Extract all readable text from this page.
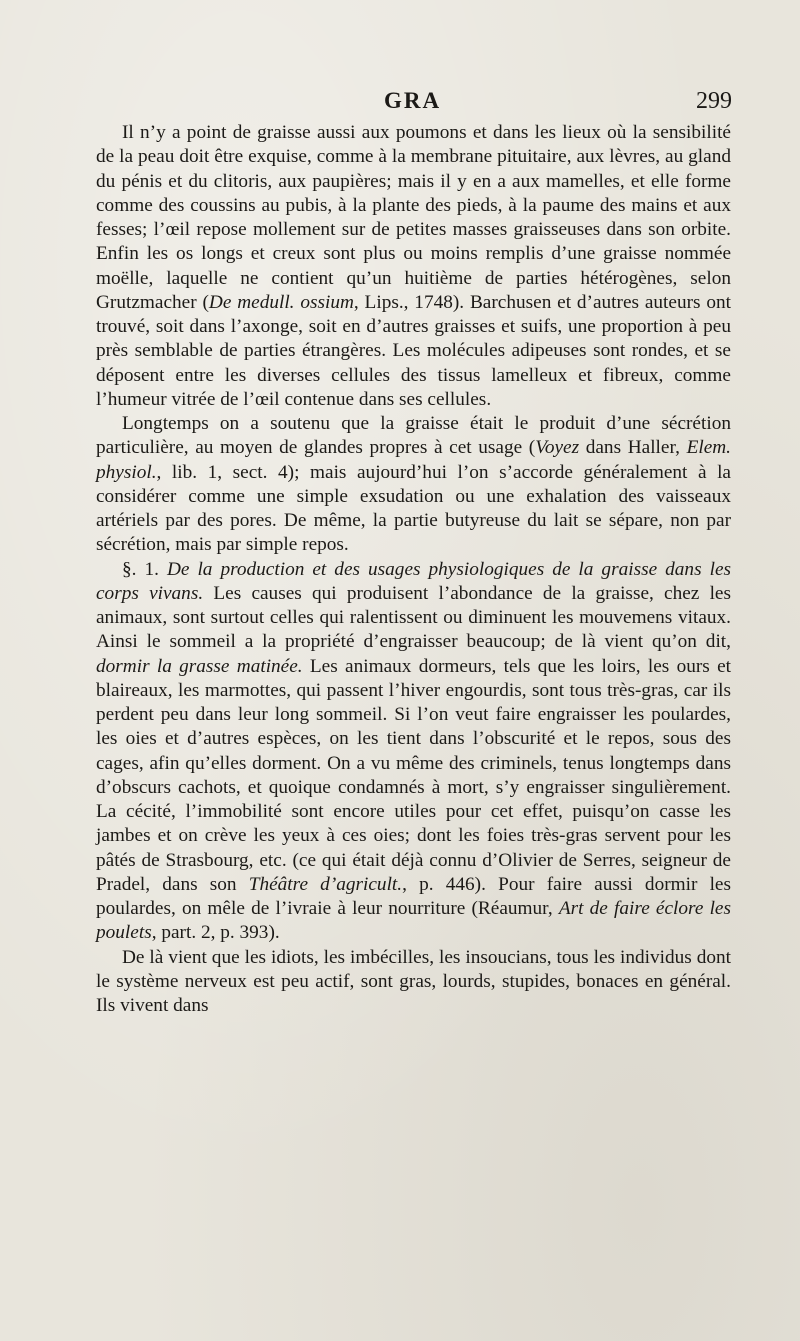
GRA	299

Il n’y a point de graisse aussi aux poumons et dans les lieux où la sensibilité de la peau doit être exquise, comme à la membrane pituitaire, aux lèvres, au gland du pénis et du clitoris, aux paupières; mais il y en a aux mamelles, et elle forme comme des coussins au pubis, à la plante des pieds, à la paume des mains et aux fesses; l’œil repose mollement sur de petites masses graisseuses dans son orbite. Enfin les os longs et creux sont plus ou moins remplis d’une graisse nommée moëlle, laquelle ne contient qu’un huitième de parties hétérogènes, selon Grutzmacher (De medull. ossium, Lips., 1748). Barchusen et d’autres auteurs ont trouvé, soit dans l’axonge, soit en d’autres graisses et suifs, une proportion à peu près semblable de parties étrangères. Les molécules adipeuses sont rondes, et se déposent entre les diverses cellules des tissus lamelleux et fibreux, comme l’humeur vitrée de l’œil contenue dans ses cellules.

Longtemps on a soutenu que la graisse était le produit d’une sécrétion particulière, au moyen de glandes propres à cet usage (Voyez dans Haller, Elem. physiol., lib. 1, sect. 4); mais aujourd’hui l’on s’accorde généralement à la considérer comme une simple exsudation ou une exhalation des vaisseaux artériels par des pores. De même, la partie butyreuse du lait se sépare, non par sécrétion, mais par simple repos.

§. 1. De la production et des usages physiologiques de la graisse dans les corps vivans. Les causes qui produisent l’abondance de la graisse, chez les animaux, sont surtout celles qui ralentissent ou diminuent les mouvemens vitaux. Ainsi le sommeil a la propriété d’engraisser beaucoup; de là vient qu’on dit, dormir la grasse matinée. Les animaux dormeurs, tels que les loirs, les ours et blaireaux, les marmottes, qui passent l’hiver engourdis, sont tous très-gras, car ils perdent peu dans leur long sommeil. Si l’on veut faire engraisser les poulardes, les oies et d’autres espèces, on les tient dans l’obscurité et le repos, sous des cages, afin qu’elles dorment. On a vu même des criminels, tenus longtemps dans d’obscurs cachots, et quoique condamnés à mort, s’y engraisser singulièrement. La cécité, l’immobilité sont encore utiles pour cet effet, puisqu’on casse les jambes et on crève les yeux à ces oies; dont les foies très-gras servent pour les pâtés de Strasbourg, etc. (ce qui était déjà connu d’Olivier de Serres, seigneur de Pradel, dans son Théâtre d’agricult., p. 446). Pour faire aussi dormir les poulardes, on mêle de l’ivraie à leur nourriture (Réaumur, Art de faire éclore les poulets, part. 2, p. 393).

De là vient que les idiots, les imbécilles, les insoucians, tous les individus dont le système nerveux est peu actif, sont gras, lourds, stupides, bonaces en général. Ils vivent dans
